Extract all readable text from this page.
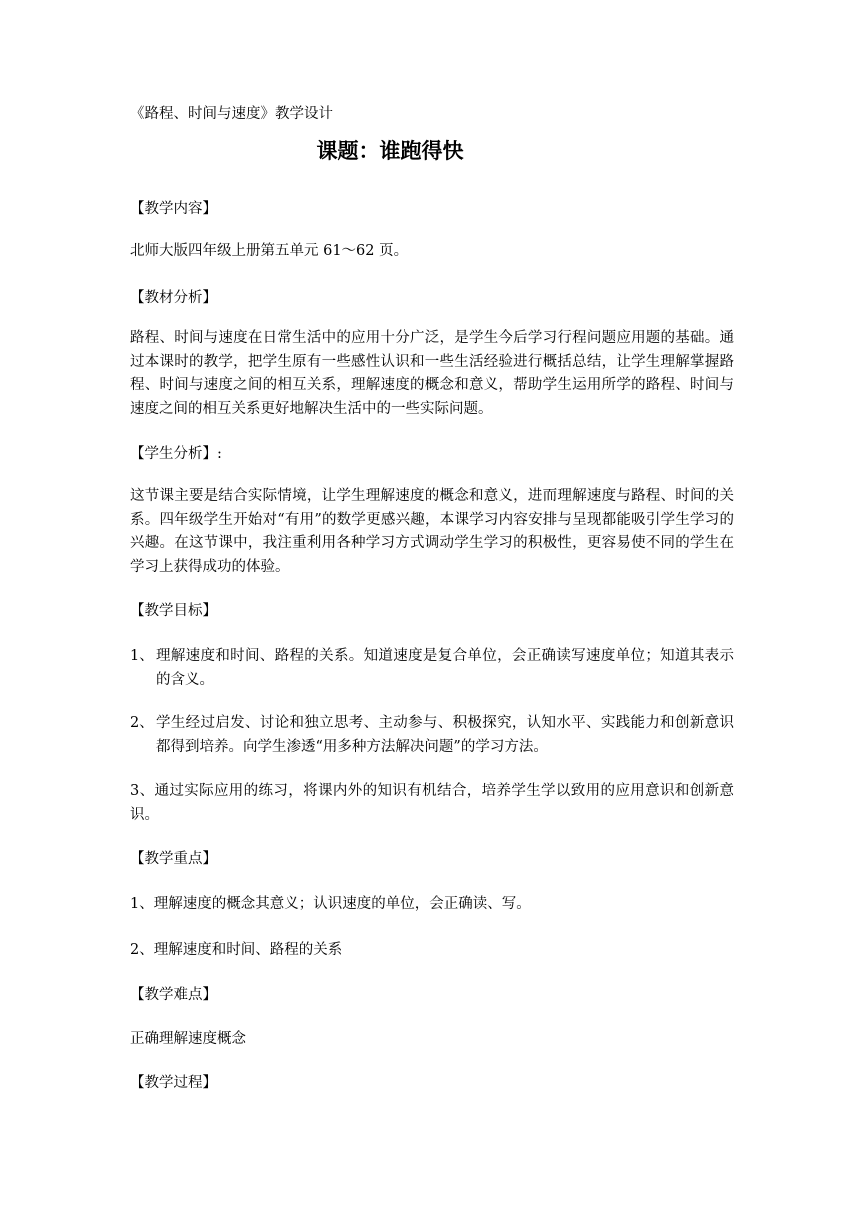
《路程、时间与速度》教学设计
课题：谁跑得快
【教学内容】
北师大版四年级上册第五单元 61～62 页。
【教材分析】
路程、时间与速度在日常生活中的应用十分广泛，是学生今后学习行程问题应用题的基础。通过本课时的教学，把学生原有一些感性认识和一些生活经验进行概括总结，让学生理解掌握路程、时间与速度之间的相互关系，理解速度的概念和意义，帮助学生运用所学的路程、时间与速度之间的相互关系更好地解决生活中的一些实际问题。
【学生分析】:
这节课主要是结合实际情境，让学生理解速度的概念和意义，进而理解速度与路程、时间的关系。四年级学生开始对“有用”的数学更感兴趣，本课学习内容安排与呈现都能吸引学生学习的兴趣。在这节课中，我注重利用各种学习方式调动学生学习的积极性，更容易使不同的学生在学习上获得成功的体验。
【教学目标】
1、 理解速度和时间、路程的关系。知道速度是复合单位，会正确读写速度单位；知道其表示的含义。
2、 学生经过启发、讨论和独立思考、主动参与、积极探究，认知水平、实践能力和创新意识都得到培养。向学生渗透“用多种方法解决问题”的学习方法。
3、通过实际应用的练习，将课内外的知识有机结合，培养学生学以致用的应用意识和创新意识。
【教学重点】
1、理解速度的概念其意义；认识速度的单位，会正确读、写。
2、理解速度和时间、路程的关系
【教学难点】
正确理解速度概念
【教学过程】
